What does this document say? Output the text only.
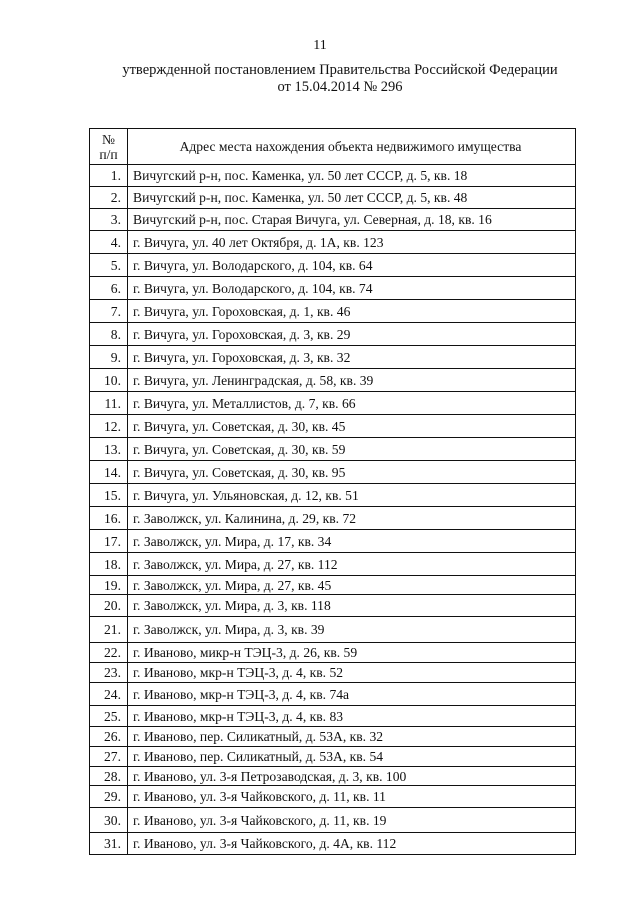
11
утвержденной постановлением Правительства Российской Федерации
от 15.04.2014 № 296
№
п/п	Адрес места нахождения объекта недвижимого имущества
1.	Вичугский р-н, пос. Каменка, ул. 50 лет СССР, д. 5, кв. 18
2.	Вичугский р-н, пос. Каменка, ул. 50 лет СССР, д. 5, кв. 48
3.	Вичугский р-н, пос. Старая Вичуга, ул. Северная, д. 18, кв. 16
4.	г. Вичуга, ул. 40 лет Октября, д. 1А, кв. 123
5.	г. Вичуга, ул. Володарского, д. 104, кв. 64
6.	г. Вичуга, ул. Володарского, д. 104, кв. 74
7.	г. Вичуга, ул. Гороховская, д. 1, кв. 46
8.	г. Вичуга, ул. Гороховская, д. 3, кв. 29
9.	г. Вичуга, ул. Гороховская, д. 3, кв. 32
10.	г. Вичуга, ул. Ленинградская, д. 58, кв. 39
11.	г. Вичуга, ул. Металлистов, д. 7, кв. 66
12.	г. Вичуга, ул. Советская, д. 30, кв. 45
13.	г. Вичуга, ул. Советская, д. 30, кв. 59
14.	г. Вичуга, ул. Советская, д. 30, кв. 95
15.	г. Вичуга, ул. Ульяновская, д. 12, кв. 51
16.	г. Заволжск, ул. Калинина, д. 29, кв. 72
17.	г. Заволжск, ул. Мира, д. 17, кв. 34
18.	г. Заволжск, ул. Мира, д. 27, кв. 112
19.	г. Заволжск, ул. Мира, д. 27, кв. 45
20.	г. Заволжск, ул. Мира, д. 3, кв. 118
21.	г. Заволжск, ул. Мира, д. 3, кв. 39
22.	г. Иваново, микр-н ТЭЦ-3, д. 26, кв. 59
23.	г. Иваново, мкр-н ТЭЦ-3, д. 4, кв. 52
24.	г. Иваново, мкр-н ТЭЦ-3, д. 4, кв. 74а
25.	г. Иваново, мкр-н ТЭЦ-3, д. 4, кв. 83
26.	г. Иваново, пер. Силикатный, д. 53А, кв. 32
27.	г. Иваново, пер. Силикатный, д. 53А, кв. 54
28.	г. Иваново, ул. 3-я Петрозаводская, д. 3, кв. 100
29.	г. Иваново, ул. 3-я Чайковского, д. 11, кв. 11
30.	г. Иваново, ул. 3-я Чайковского, д. 11, кв. 19
31.	г. Иваново, ул. 3-я Чайковского, д. 4А, кв. 112
